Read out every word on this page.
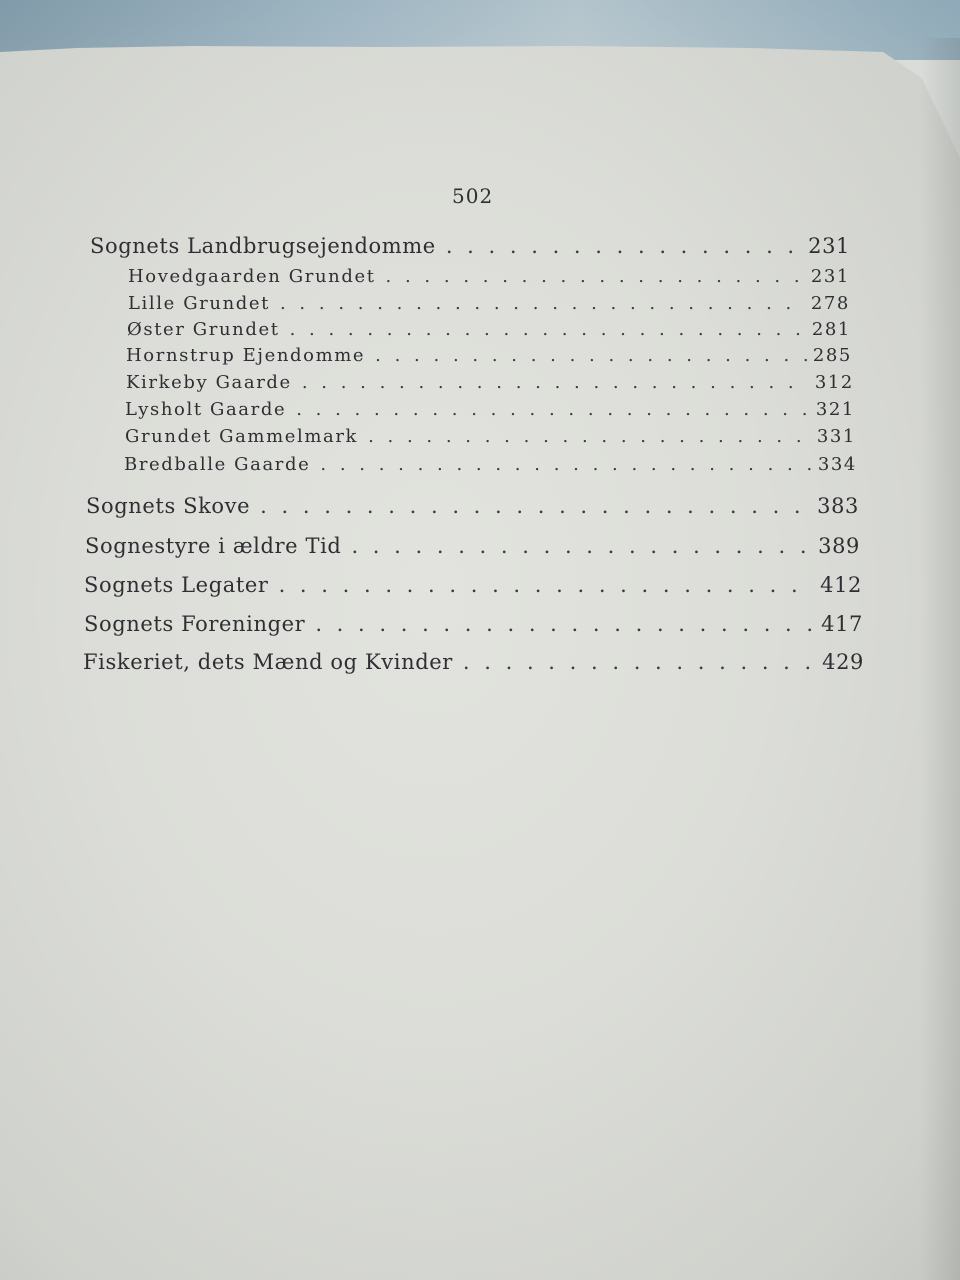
502
Sognets Landbrugsejendomme . . .	231
Hovedgaarden Grundet . . .	231
Lille Grundet . . .	278
Øster Grundet . . .	281
Hornstrup Ejendomme . . .	285
Kirkeby Gaarde . . .	312
Lysholt Gaarde . . .	321
Grundet Gammelmark . . .	331
Bredballe Gaarde . . .	334
Sognets Skove . . .	383
Sognestyre i ældre Tid . . .	389
Sognets Legater . . .	412
Sognets Foreninger . . .	417
Fiskeriet, dets Mænd og Kvinder . . .	429
